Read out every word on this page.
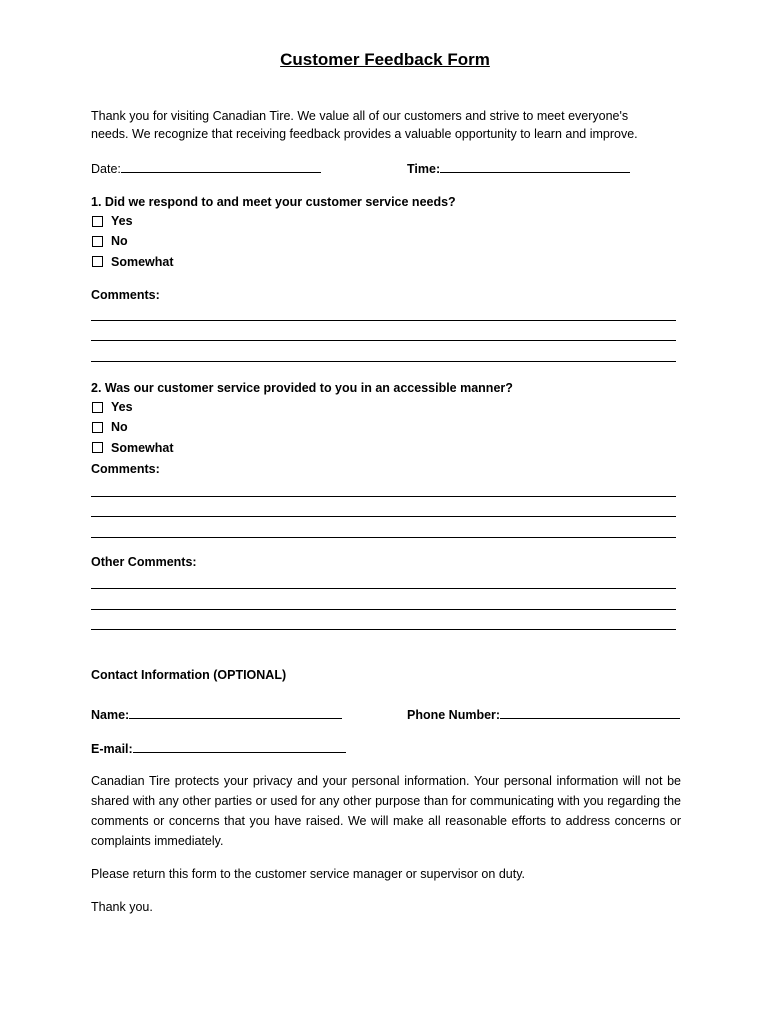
Customer Feedback Form
Thank you for visiting Canadian Tire. We value all of our customers and strive to meet everyone's
needs. We recognize that receiving feedback provides a valuable opportunity to learn and improve.
Date:	Time:
1. Did we respond to and meet your customer service needs?
Yes
No
Somewhat
Comments:
2. Was our customer service provided to you in an accessible manner?
Yes
No
Somewhat
Comments:
Other Comments:
Contact Information (OPTIONAL)
Name:	Phone Number:
E-mail:
Canadian Tire protects your privacy and your personal information. Your personal information will not be shared with any other parties or used for any other purpose than for communicating with you regarding the comments or concerns that you have raised. We will make all reasonable efforts to address concerns or complaints immediately.
Please return this form to the customer service manager or supervisor on duty.
Thank you.
